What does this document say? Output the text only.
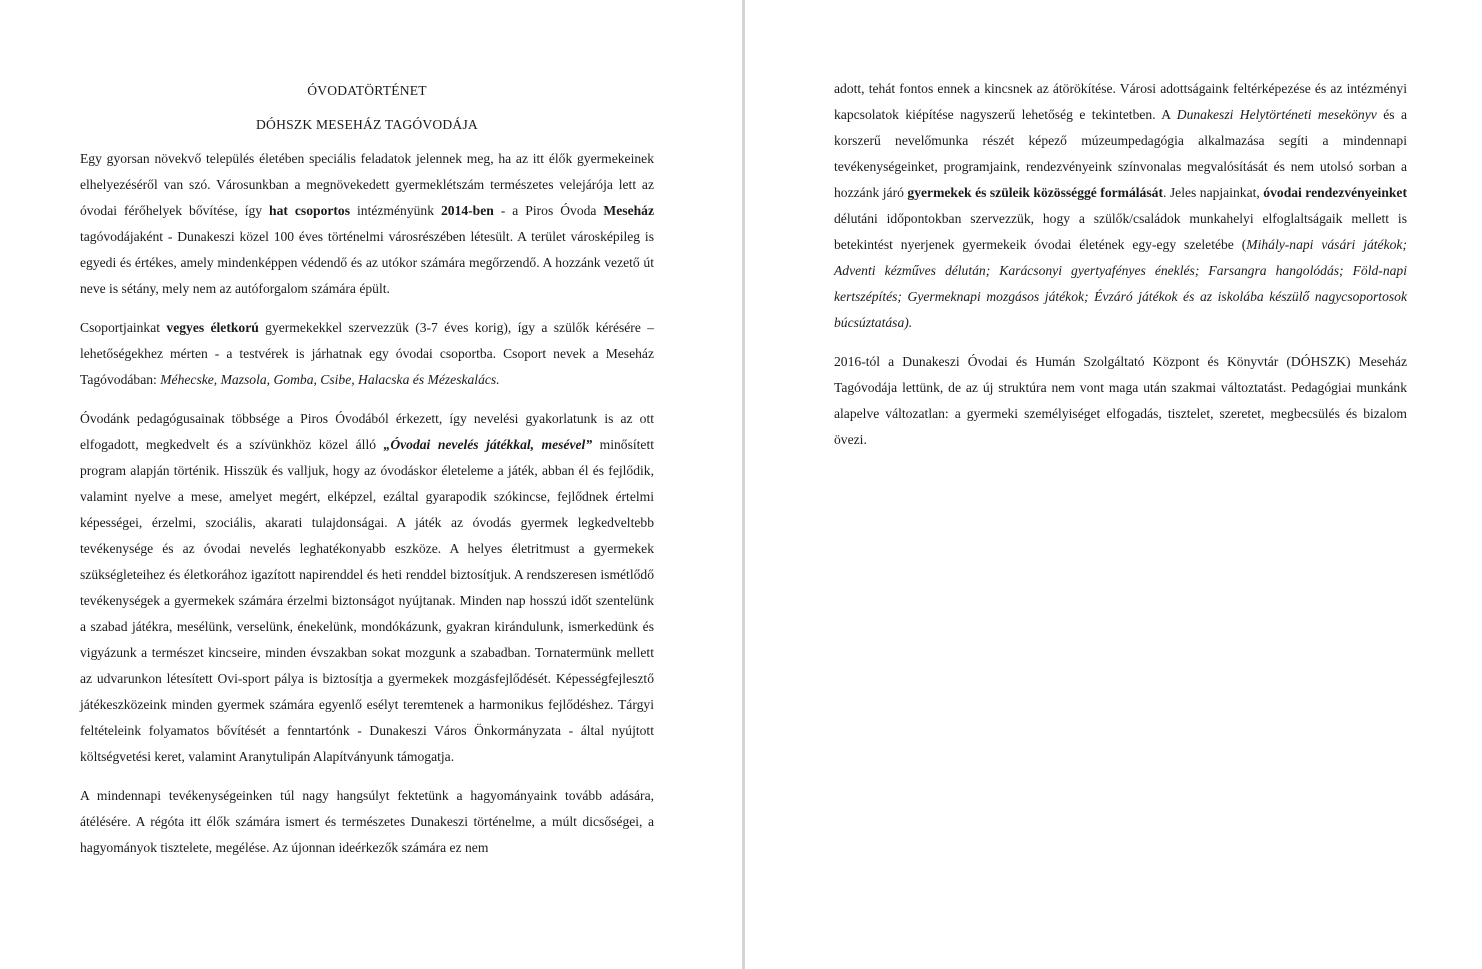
ÓVODATÖRTÉNET
DÓHSZK MESEHÁZ TAGÓVODÁJA

Egy gyorsan növekvő település életében speciális feladatok jelennek meg, ha az itt élők gyermekeinek elhelyezéséről van szó. Városunkban a megnövekedett gyermeklétszám természetes velejárója lett az óvodai férőhelyek bővítése, így hat csoportos intézményünk 2014-ben - a Piros Óvoda Meseház tagóvodájaként - Dunakeszi közel 100 éves történelmi városrészében létesült. A terület városképileg is egyedi és értékes, amely mindenképpen védendő és az utókor számára megőrzendő. A hozzánk vezető út neve is sétány, mely nem az autóforgalom számára épült.

Csoportjainkat vegyes életkorú gyermekekkel szervezzük (3-7 éves korig), így a szülők kérésére – lehetőségekhez mérten - a testvérek is járhatnak egy óvodai csoportba. Csoport nevek a Meseház Tagóvodában: Méhecske, Mazsola, Gomba, Csibe, Halacska és Mézeskalács.

Óvodánk pedagógusainak többsége a Piros Óvodából érkezett, így nevelési gyakorlatunk is az ott elfogadott, megkedvelt és a szívünkhöz közel álló „Óvodai nevelés játékkal, mesével” minősített program alapján történik. Hisszük és valljuk, hogy az óvodáskor életeleme a játék, abban él és fejlődik, valamint nyelve a mese, amelyet megért, elképzel, ezáltal gyarapodik szókincse, fejlődnek értelmi képességei, érzelmi, szociális, akarati tulajdonságai. A játék az óvodás gyermek legkedveltebb tevékenysége és az óvodai nevelés leghatékonyabb eszköze. A helyes életritmust a gyermekek szükségleteihez és életkorához igazított napirenddel és heti renddel biztosítjuk. A rendszeresen ismétlődő tevékenységek a gyermekek számára érzelmi biztonságot nyújtanak. Minden nap hosszú időt szentelünk a szabad játékra, mesélünk, verselünk, énekelünk, mondókázunk, gyakran kirándulunk, ismerkedünk és vigyázunk a természet kincseire, minden évszakban sokat mozgunk a szabadban. Tornatermünk mellett az udvarunkon létesített Ovi-sport pálya is biztosítja a gyermekek mozgásfejlődését. Képességfejlesztő játékeszközeink minden gyermek számára egyenlő esélyt teremtenek a harmonikus fejlődéshez. Tárgyi feltételeink folyamatos bővítését a fenntartónk - Dunakeszi Város Önkormányzata - által nyújtott költségvetési keret, valamint Aranytulipán Alapítványunk támogatja.

A mindennapi tevékenységeinken túl nagy hangsúlyt fektetünk a hagyományaink tovább adására, átélésére. A régóta itt élők számára ismert és természetes Dunakeszi történelme, a múlt dicsőségei, a hagyományok tisztelete, megélése. Az újonnan ideérkezők számára ez nem

adott, tehát fontos ennek a kincsnek az átörökítése. Városi adottságaink feltérképezése és az intézményi kapcsolatok kiépítése nagyszerű lehetőség e tekintetben. A Dunakeszi Helytörténeti mesekönyv és a korszerű nevelőmunka részét képező múzeumpedagógia alkalmazása segíti a mindennapi tevékenységeinket, programjaink, rendezvényeink színvonalas megvalósítását és nem utolsó sorban a hozzánk járó gyermekek és szüleik közösséggé formálását. Jeles napjainkat, óvodai rendezvényeinket délutáni időpontokban szervezzük, hogy a szülők/családok munkahelyi elfoglaltságaik mellett is betekintést nyerjenek gyermekeik óvodai életének egy-egy szeletébe (Mihály-napi vásári játékok; Adventi kézműves délután; Karácsonyi gyertyafényes éneklés; Farsangra hangolódás; Föld-napi kertszépítés; Gyermeknapi mozgásos játékok; Évzáró játékok és az iskolába készülő nagycsoportosok búcsúztatása).

2016-tól a Dunakeszi Óvodai és Humán Szolgáltató Központ és Könyvtár (DÓHSZK) Meseház Tagóvodája lettünk, de az új struktúra nem vont maga után szakmai változtatást. Pedagógiai munkánk alapelve változatlan: a gyermeki személyiséget elfogadás, tisztelet, szeretet, megbecsülés és bizalom övezi.
